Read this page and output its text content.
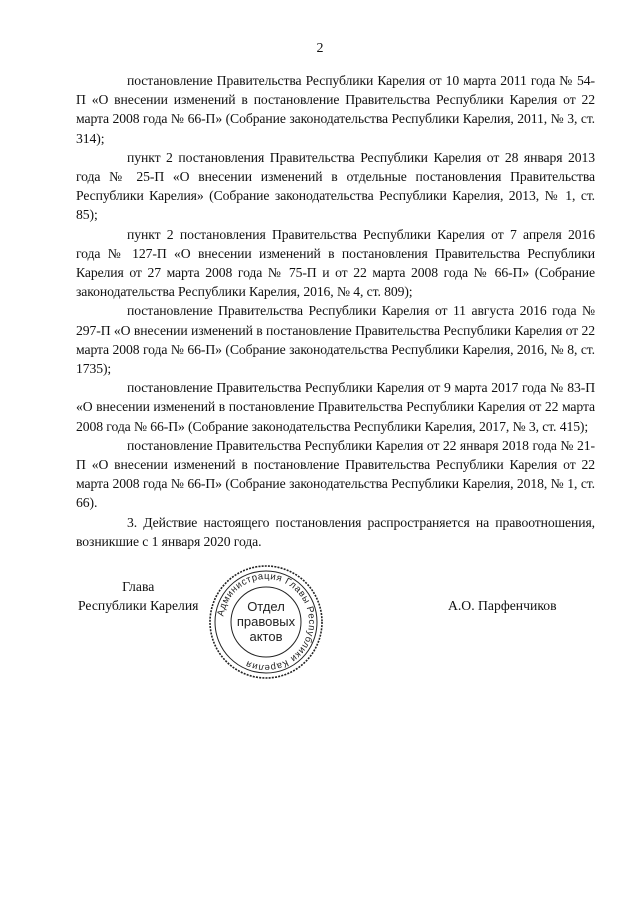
2

постановление Правительства Республики Карелия от 10 марта 2011 года № 54-П «О внесении изменений в постановление Правительства Республики Карелия от 22 марта 2008 года № 66-П» (Собрание законодательства Республики Карелия, 2011, № 3, ст. 314);

пункт 2 постановления Правительства Республики Карелия от 28 января 2013 года № 25-П «О внесении изменений в отдельные постановления Правительства Республики Карелия» (Собрание законодательства Республики Карелия, 2013, № 1, ст. 85);

пункт 2 постановления Правительства Республики Карелия от 7 апреля 2016 года № 127-П «О внесении изменений в постановления Правительства Республики Карелия от 27 марта 2008 года № 75-П и от 22 марта 2008 года № 66-П» (Собрание законодательства Республики Карелия, 2016, № 4, ст. 809);

постановление Правительства Республики Карелия от 11 августа 2016 года № 297-П «О внесении изменений в постановление Правительства Республики Карелия от 22 марта 2008 года № 66-П» (Собрание законодательства Республики Карелия, 2016, № 8, ст. 1735);

постановление Правительства Республики Карелия от 9 марта 2017 года № 83-П «О внесении изменений в постановление Правительства Республики Карелия от 22 марта 2008 года № 66-П» (Собрание законодательства Республики Карелия, 2017, № 3, ст. 415);

постановление Правительства Республики Карелия от 22 января 2018 года № 21-П «О внесении изменений в постановление Правительства Республики Карелия от 22 марта 2008 года № 66-П» (Собрание законодательства Республики Карелия, 2018, № 1, ст. 66).

3. Действие настоящего постановления распространяется на правоотношения, возникшие с 1 января 2020 года.

Глава
Республики Карелия Администрация Главы Республики Карелия
Отдел
правовых
актов
А.О. Парфенчиков
